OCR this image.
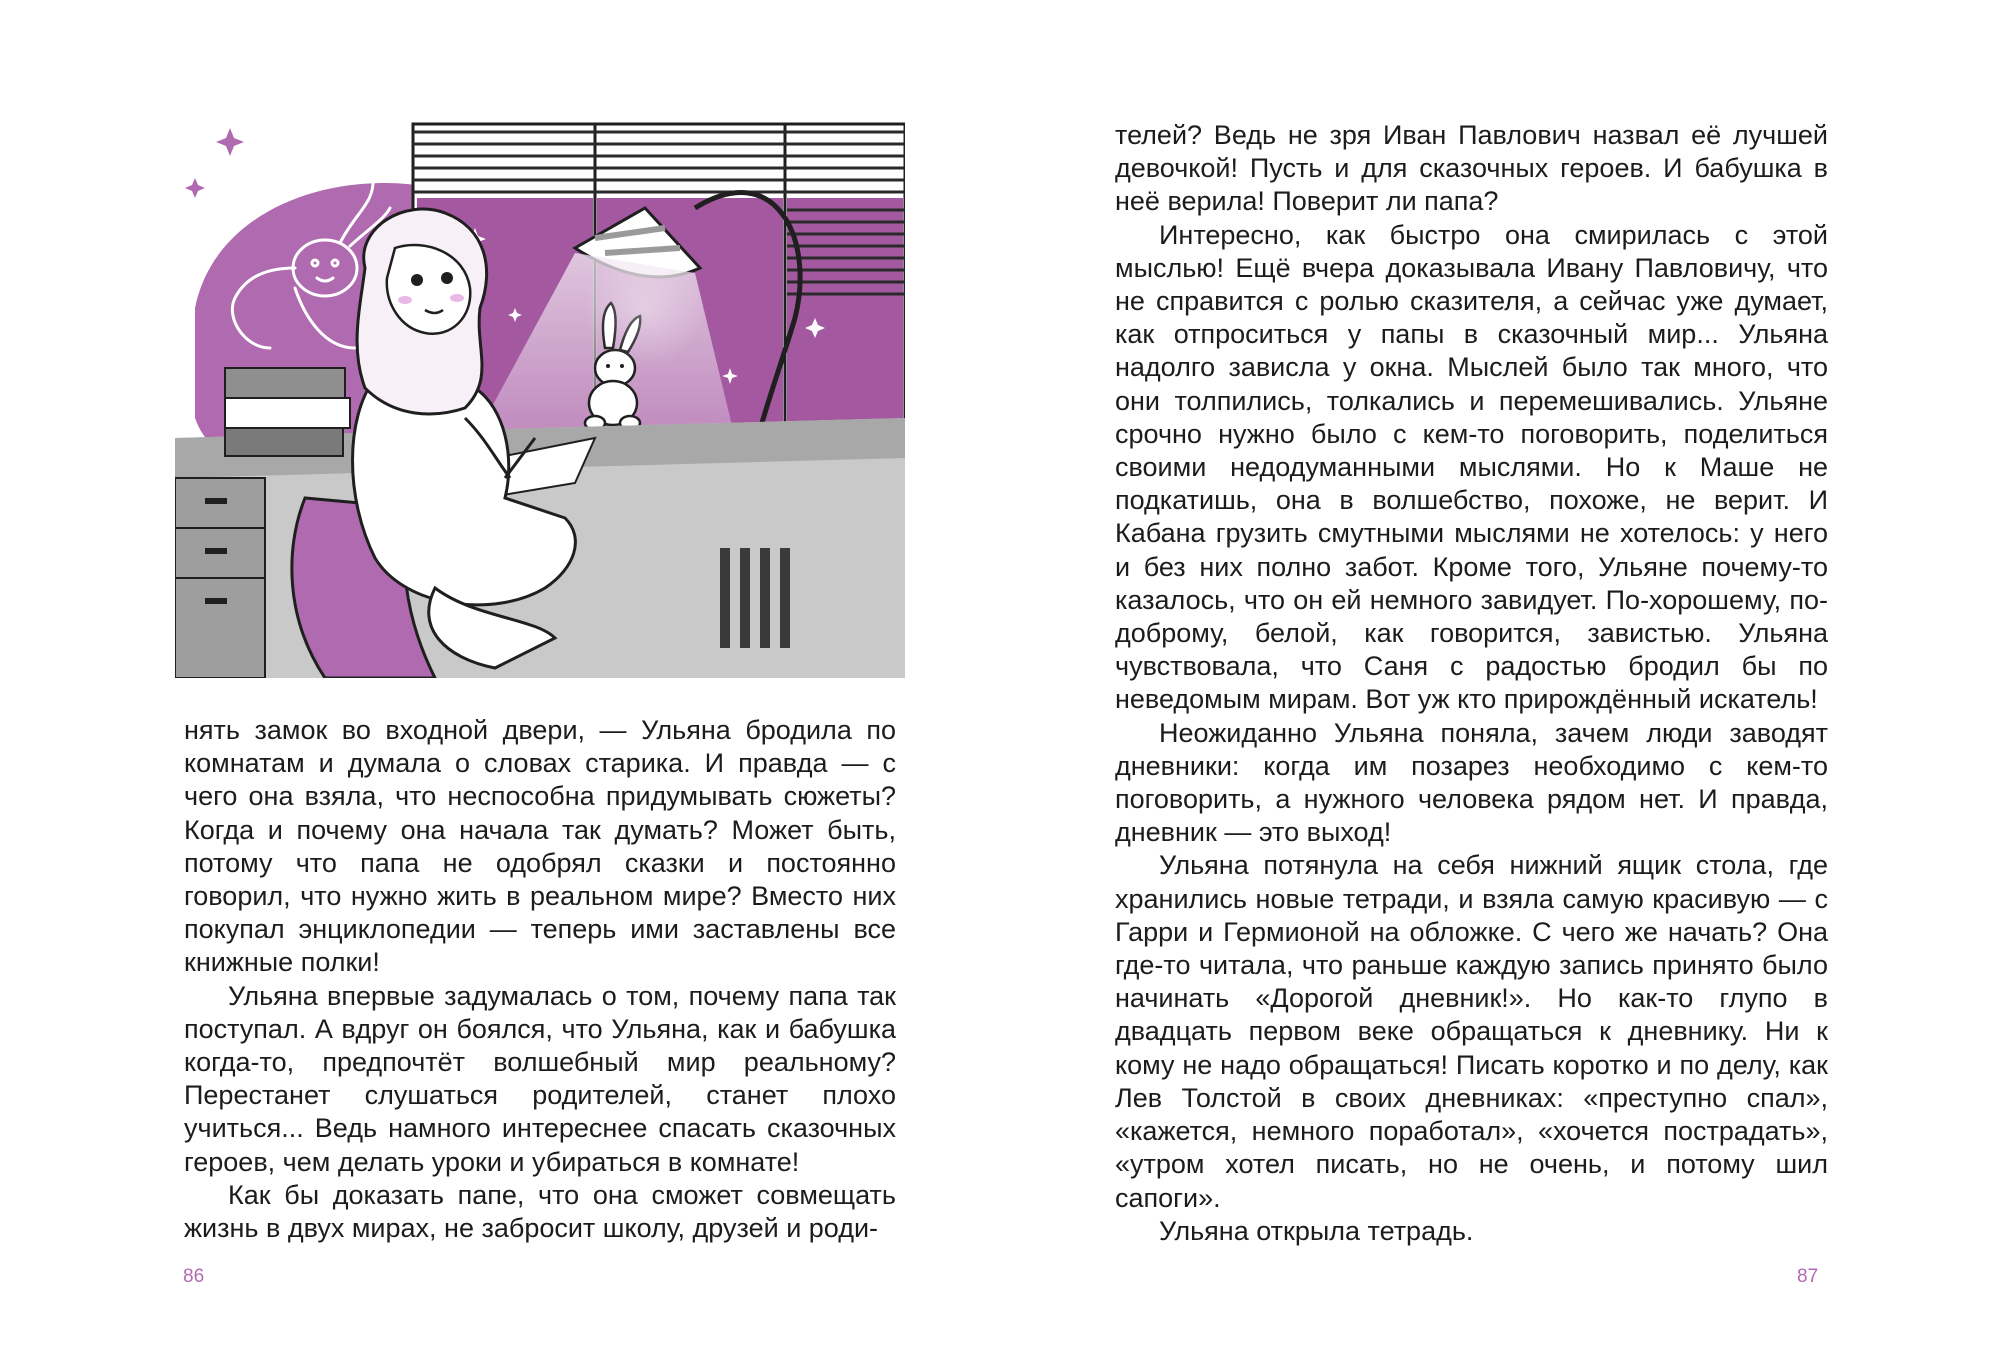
нять замок во входной двери, — Ульяна бродила по комнатам и думала о словах старика. И правда — с чего она взяла, что неспособна придумывать сюжеты? Когда и почему она начала так думать? Может быть, потому что папа не одобрял сказки и постоянно говорил, что нужно жить в реальном мире? Вместо них покупал энциклопедии — теперь ими заставлены все книжные полки!

Ульяна впервые задумалась о том, почему папа так поступал. А вдруг он боялся, что Ульяна, как и бабушка когда-то, предпочтёт волшебный мир реальному? Перестанет слушаться родителей, станет плохо учиться... Ведь намного интереснее спасать сказочных героев, чем делать уроки и убираться в комнате!

Как бы доказать папе, что она сможет совмещать жизнь в двух мирах, не забросит школу, друзей и роди-

86

телей? Ведь не зря Иван Павлович назвал её лучшей девочкой! Пусть и для сказочных героев. И бабушка в неё верила! Поверит ли папа?

Интересно, как быстро она смирилась с этой мыслью! Ещё вчера доказывала Ивану Павловичу, что не справится с ролью сказителя, а сейчас уже думает, как отпроситься у папы в сказочный мир... Ульяна надолго зависла у окна. Мыслей было так много, что они толпились, толкались и перемешивались. Ульяне срочно нужно было с кем-то поговорить, поделиться своими недодуманными мыслями. Но к Маше не подкатишь, она в волшебство, похоже, не верит. И Кабана грузить смутными мыслями не хотелось: у него и без них полно забот. Кроме того, Ульяне почему-то казалось, что он ей немного завидует. По-хорошему, по-доброму, белой, как говорится, завистью. Ульяна чувствовала, что Саня с радостью бродил бы по неведомым мирам. Вот уж кто прирождённый искатель!

Неожиданно Ульяна поняла, зачем люди заводят дневники: когда им позарез необходимо с кем-то поговорить, а нужного человека рядом нет. И правда, дневник — это выход!

Ульяна потянула на себя нижний ящик стола, где хранились новые тетради, и взяла самую красивую — с Гарри и Гермионой на обложке. С чего же начать? Она где-то читала, что раньше каждую запись принято было начинать «Дорогой дневник!». Но как-то глупо в двадцать первом веке обращаться к дневнику. Ни к кому не надо обращаться! Писать коротко и по делу, как Лев Толстой в своих дневниках: «преступно спал», «кажется, немного поработал», «хочется пострадать», «утром хотел писать, но не очень, и потому шил сапоги».

Ульяна открыла тетрадь.

87
